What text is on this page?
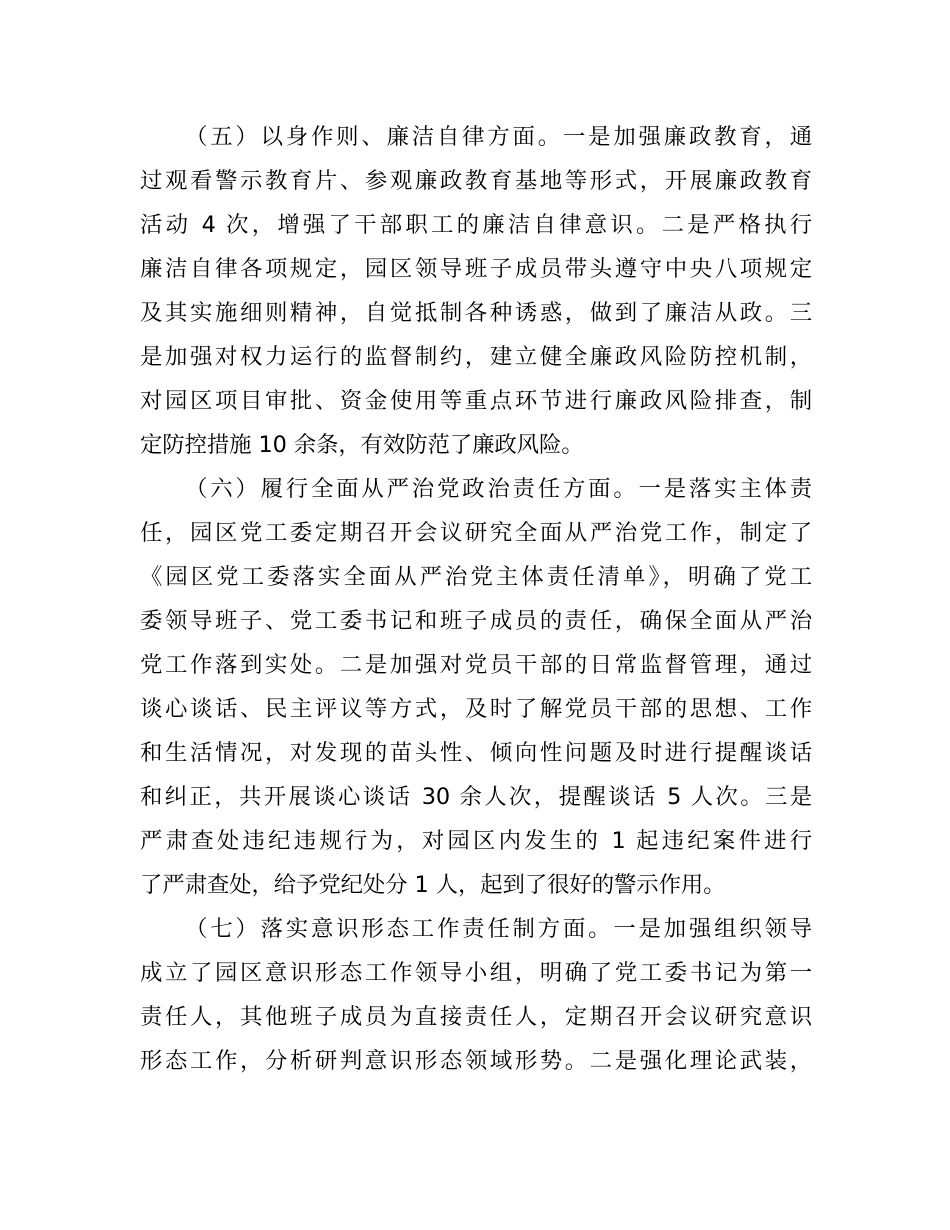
（五）以身作则、廉洁自律方面。一是加强廉政教育，通
过观看警示教育片、参观廉政教育基地等形式，开展廉政教育
活动 4 次，增强了干部职工的廉洁自律意识。二是严格执行
廉洁自律各项规定，园区领导班子成员带头遵守中央八项规定
及其实施细则精神，自觉抵制各种诱惑，做到了廉洁从政。三
是加强对权力运行的监督制约，建立健全廉政风险防控机制，
对园区项目审批、资金使用等重点环节进行廉政风险排查，制
定防控措施 10 余条，有效防范了廉政风险。
（六）履行全面从严治党政治责任方面。一是落实主体责
任，园区党工委定期召开会议研究全面从严治党工作，制定了
《园区党工委落实全面从严治党主体责任清单》，明确了党工
委领导班子、党工委书记和班子成员的责任，确保全面从严治
党工作落到实处。二是加强对党员干部的日常监督管理，通过
谈心谈话、民主评议等方式，及时了解党员干部的思想、工作
和生活情况，对发现的苗头性、倾向性问题及时进行提醒谈话
和纠正，共开展谈心谈话 30 余人次，提醒谈话 5 人次。三是
严肃查处违纪违规行为，对园区内发生的 1 起违纪案件进行
了严肃查处，给予党纪处分 1 人，起到了很好的警示作用。
（七）落实意识形态工作责任制方面。一是加强组织领导
成立了园区意识形态工作领导小组，明确了党工委书记为第一
责任人，其他班子成员为直接责任人，定期召开会议研究意识
形态工作，分析研判意识形态领域形势。二是强化理论武装，
